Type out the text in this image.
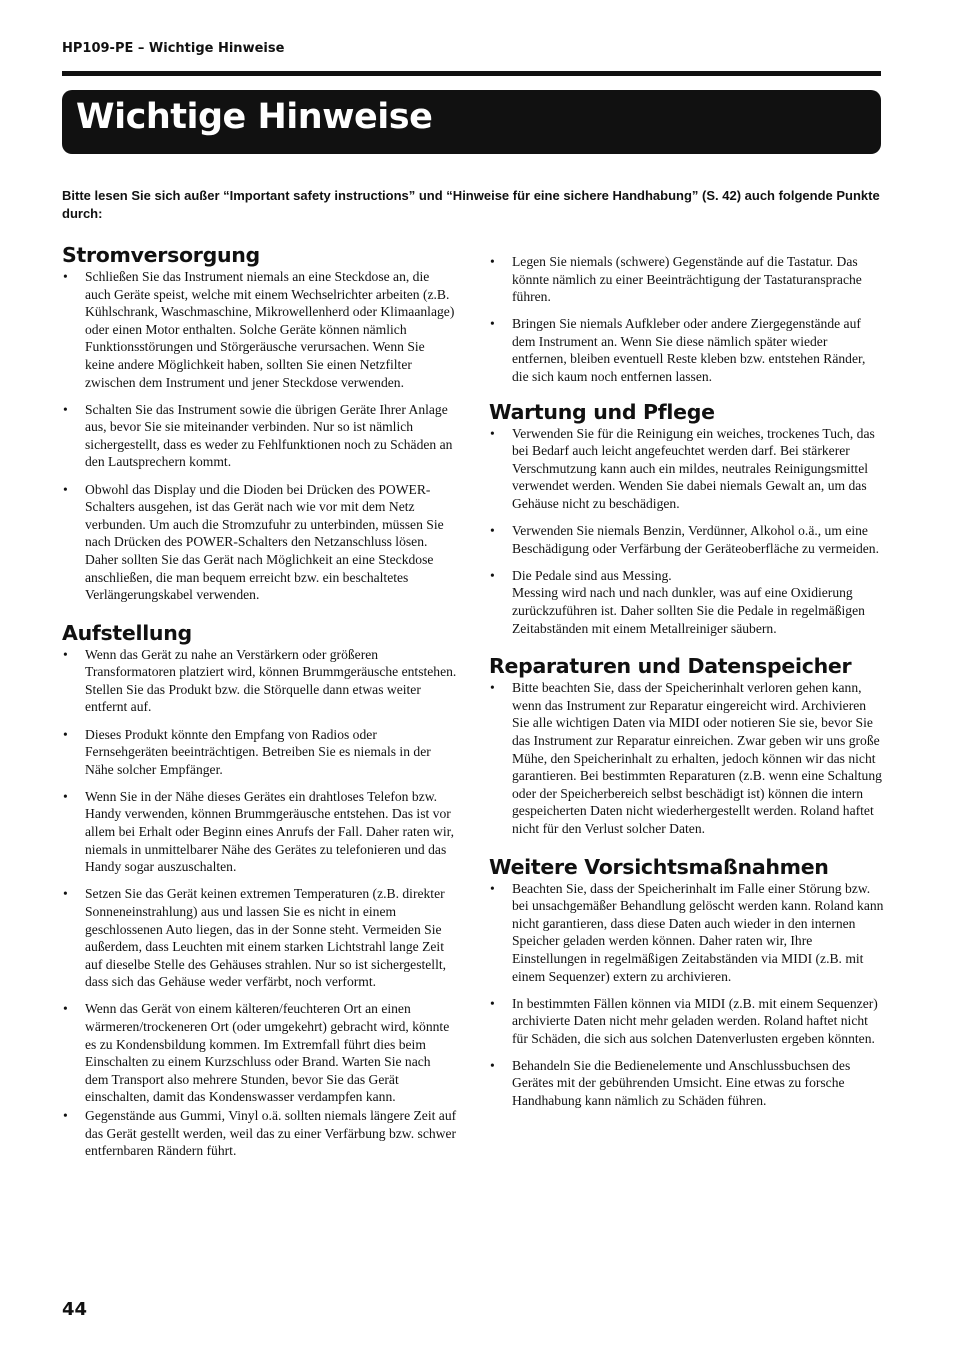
HP109-PE – Wichtige Hinweise
Wichtige Hinweise

Bitte lesen Sie sich außer “Important safety instructions” und “Hinweise für eine sichere Handhabung” (S. 42) auch folgende Punkte durch:

Stromversorgung
• Schließen Sie das Instrument niemals an eine Steckdose an, die auch Geräte speist, welche mit einem Wechselrichter arbeiten (z.B. Kühlschrank, Waschmaschine, Mikrowellenherd oder Klimaanlage) oder einen Motor enthalten. Solche Geräte können nämlich Funktionsstörungen und Störgeräusche verursachen. Wenn Sie keine andere Möglichkeit haben, sollten Sie einen Netzfilter zwischen dem Instrument und jener Steckdose verwenden.
• Schalten Sie das Instrument sowie die übrigen Geräte Ihrer Anlage aus, bevor Sie sie miteinander verbinden. Nur so ist nämlich sichergestellt, dass es weder zu Fehlfunktionen noch zu Schäden an den Lautsprechern kommt.
• Obwohl das Display und die Dioden bei Drücken des POWER-Schalters ausgehen, ist das Gerät nach wie vor mit dem Netz verbunden. Um auch die Stromzufuhr zu unterbinden, müssen Sie nach Drücken des POWER-Schalters den Netzanschluss lösen. Daher sollten Sie das Gerät nach Möglichkeit an eine Steckdose anschließen, die man bequem erreicht bzw. ein beschaltetes Verlängerungskabel verwenden.
Aufstellung
• Wenn das Gerät zu nahe an Verstärkern oder größeren Transformatoren platziert wird, können Brummgeräusche entstehen. Stellen Sie das Produkt bzw. die Störquelle dann etwas weiter entfernt auf.
• Dieses Produkt könnte den Empfang von Radios oder Fernsehgeräten beeinträchtigen. Betreiben Sie es niemals in der Nähe solcher Empfänger.
• Wenn Sie in der Nähe dieses Gerätes ein drahtloses Telefon bzw. Handy verwenden, können Brummgeräusche entstehen. Das ist vor allem bei Erhalt oder Beginn eines Anrufs der Fall. Daher raten wir, niemals in unmittelbarer Nähe des Gerätes zu telefonieren und das Handy sogar auszuschalten.
• Setzen Sie das Gerät keinen extremen Temperaturen (z.B. direkter Sonneneinstrahlung) aus und lassen Sie es nicht in einem geschlossenen Auto liegen, das in der Sonne steht. Vermeiden Sie außerdem, dass Leuchten mit einem starken Lichtstrahl lange Zeit auf dieselbe Stelle des Gehäuses strahlen. Nur so ist sichergestellt, dass sich das Gehäuse weder verfärbt, noch verformt.
• Wenn das Gerät von einem kälteren/feuchteren Ort an einen wärmeren/trockeneren Ort (oder umgekehrt) gebracht wird, könnte es zu Kondensbildung kommen. Im Extremfall führt dies beim Einschalten zu einem Kurzschluss oder Brand. Warten Sie nach dem Transport also mehrere Stunden, bevor Sie das Gerät einschalten, damit das Kondenswasser verdampfen kann.
• Gegenstände aus Gummi, Vinyl o.ä. sollten niemals längere Zeit auf das Gerät gestellt werden, weil das zu einer Verfärbung bzw. schwer entfernbaren Rändern führt.
• Legen Sie niemals (schwere) Gegenstände auf die Tastatur. Das könnte nämlich zu einer Beeinträchtigung der Tastaturansprache führen.
• Bringen Sie niemals Aufkleber oder andere Ziergegenstände auf dem Instrument an. Wenn Sie diese nämlich später wieder entfernen, bleiben eventuell Reste kleben bzw. entstehen Ränder, die sich kaum noch entfernen lassen.
Wartung und Pflege
• Verwenden Sie für die Reinigung ein weiches, trockenes Tuch, das bei Bedarf auch leicht angefeuchtet werden darf. Bei stärkerer Verschmutzung kann auch ein mildes, neutrales Reinigungsmittel verwendet werden. Wenden Sie dabei niemals Gewalt an, um das Gehäuse nicht zu beschädigen.
• Verwenden Sie niemals Benzin, Verdünner, Alkohol o.ä., um eine Beschädigung oder Verfärbung der Geräteoberfläche zu vermeiden.
• Die Pedale sind aus Messing.
Messing wird nach und nach dunkler, was auf eine Oxidierung zurückzuführen ist. Daher sollten Sie die Pedale in regelmäßigen Zeitabständen mit einem Metallreiniger säubern.
Reparaturen und Datenspeicher
• Bitte beachten Sie, dass der Speicherinhalt verloren gehen kann, wenn das Instrument zur Reparatur eingereicht wird. Archivieren Sie alle wichtigen Daten via MIDI oder notieren Sie sie, bevor Sie das Instrument zur Reparatur einreichen. Zwar geben wir uns große Mühe, den Speicherinhalt zu erhalten, jedoch können wir das nicht garantieren. Bei bestimmten Reparaturen (z.B. wenn eine Schaltung oder der Speicherbereich selbst beschädigt ist) können die intern gespeicherten Daten nicht wiederhergestellt werden. Roland haftet nicht für den Verlust solcher Daten.
Weitere Vorsichtsmaßnahmen
• Beachten Sie, dass der Speicherinhalt im Falle einer Störung bzw. bei unsachgemäßer Behandlung gelöscht werden kann. Roland kann nicht garantieren, dass diese Daten auch wieder in den internen Speicher geladen werden können. Daher raten wir, Ihre Einstellungen in regelmäßigen Zeitabständen via MIDI (z.B. mit einem Sequenzer) extern zu archivieren.
• In bestimmten Fällen können via MIDI (z.B. mit einem Sequenzer) archivierte Daten nicht mehr geladen werden. Roland haftet nicht für Schäden, die sich aus solchen Datenverlusten ergeben könnten.
• Behandeln Sie die Bedienelemente und Anschlussbuchsen des Gerätes mit der gebührenden Umsicht. Eine etwas zu forsche Handhabung kann nämlich zu Schäden führen.
44
